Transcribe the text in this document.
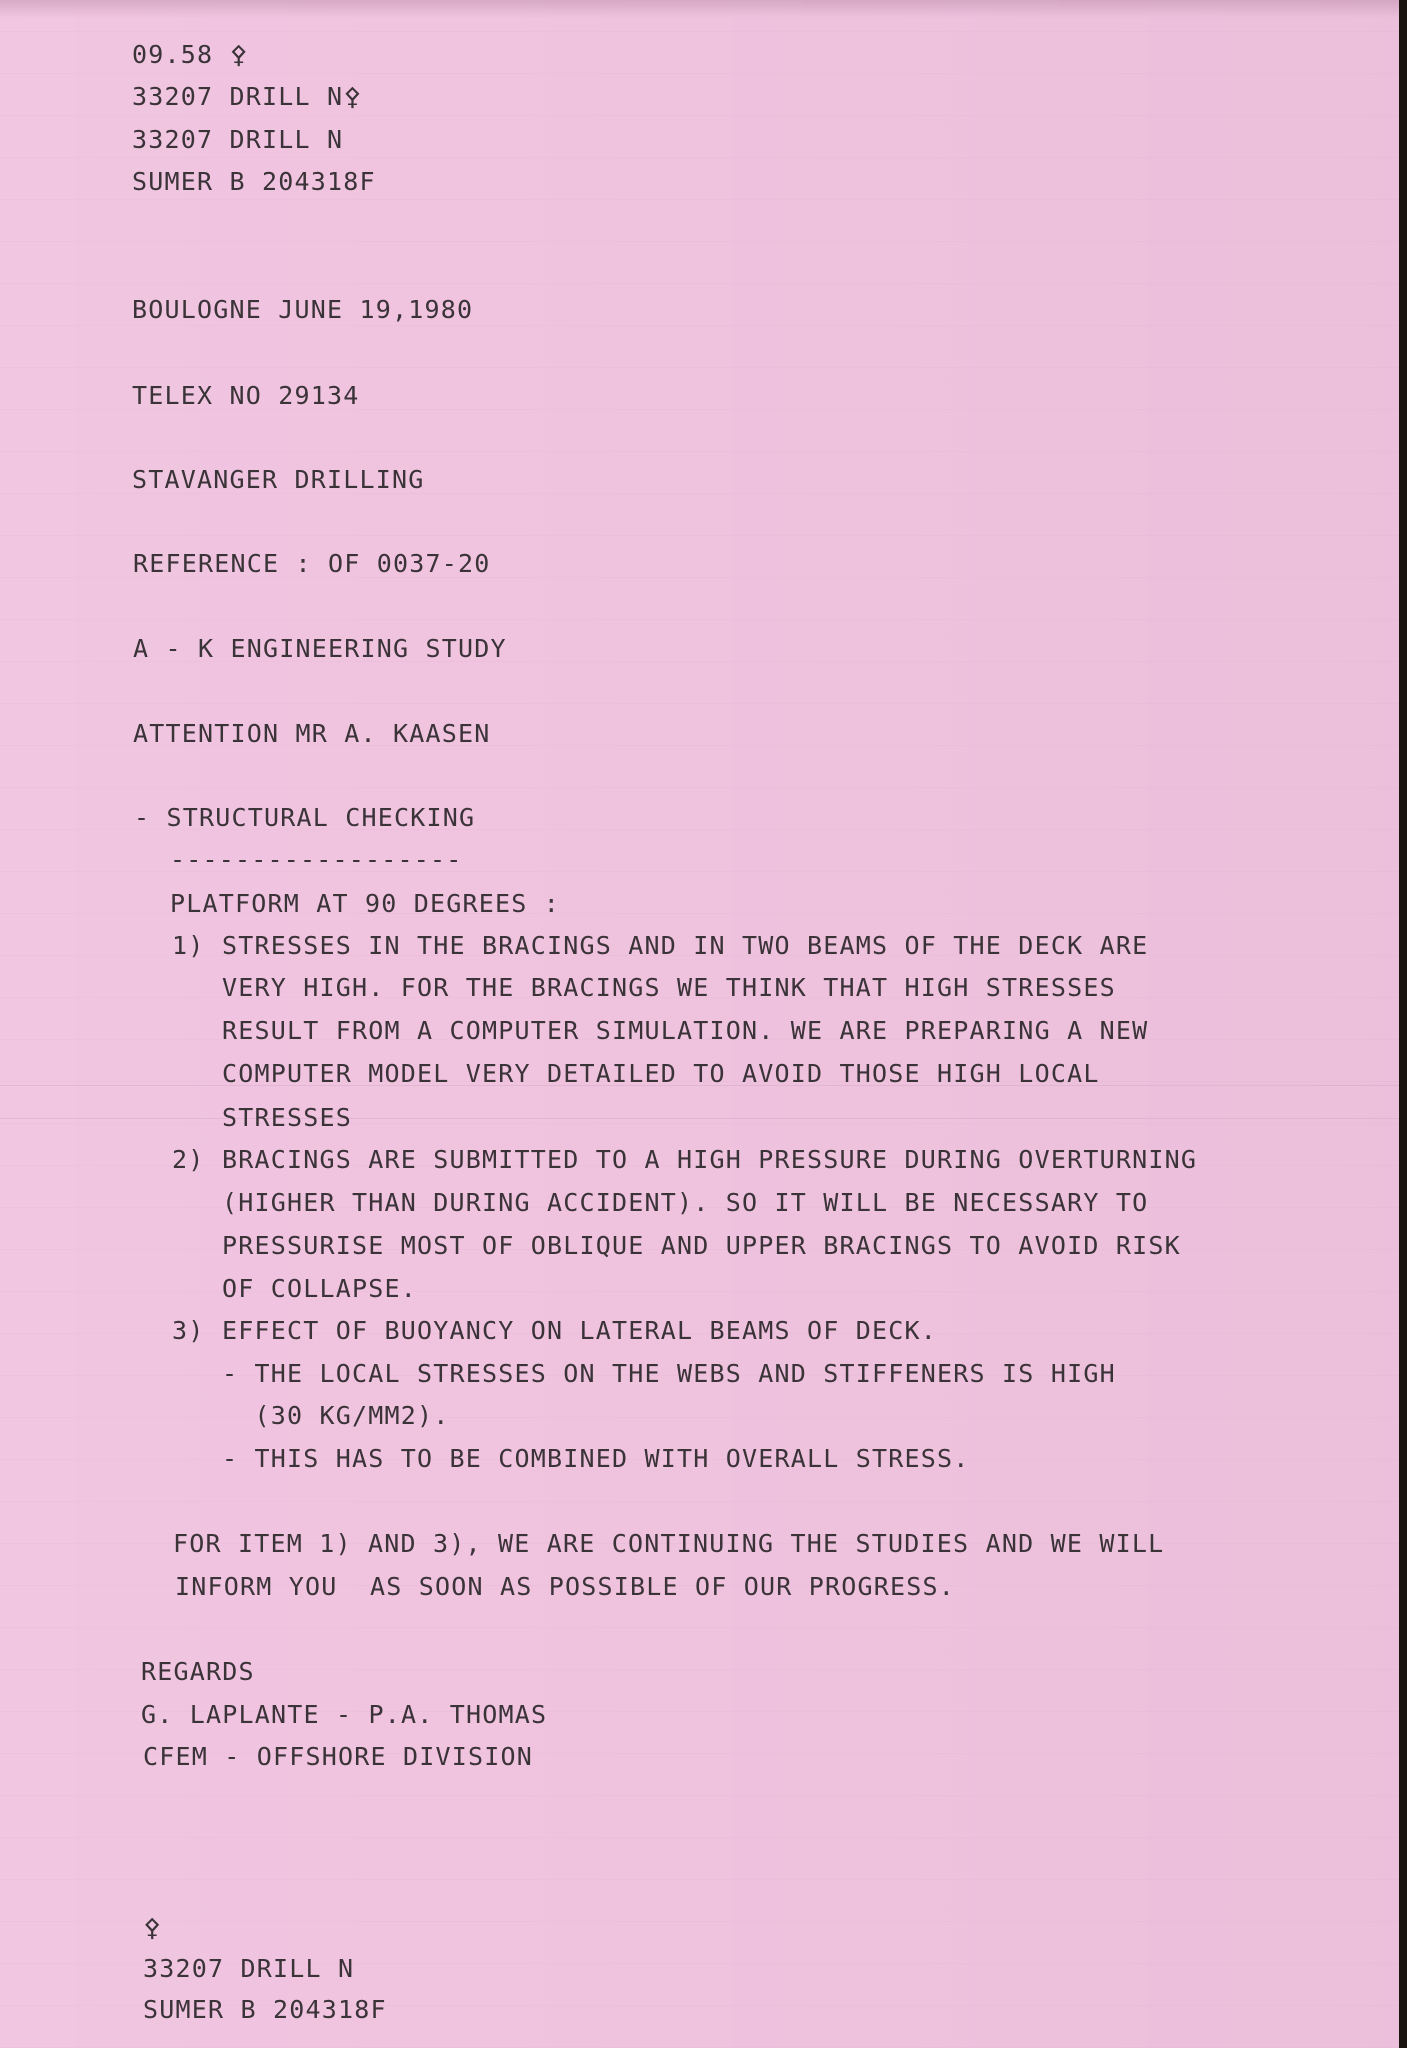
09.58 ⚴
33207 DRILL N⚴
33207 DRILL N
SUMER B 204318F
BOULOGNE JUNE 19,1980
TELEX NO 29134
STAVANGER DRILLING
REFERENCE : OF 0037-20
A - K ENGINEERING STUDY
ATTENTION MR A. KAASEN
- STRUCTURAL CHECKING
------------------
PLATFORM AT 90 DEGREES :
1) STRESSES IN THE BRACINGS AND IN TWO BEAMS OF THE DECK ARE
VERY HIGH. FOR THE BRACINGS WE THINK THAT HIGH STRESSES
RESULT FROM A COMPUTER SIMULATION. WE ARE PREPARING A NEW
COMPUTER MODEL VERY DETAILED TO AVOID THOSE HIGH LOCAL
STRESSES
2) BRACINGS ARE SUBMITTED TO A HIGH PRESSURE DURING OVERTURNING
(HIGHER THAN DURING ACCIDENT). SO IT WILL BE NECESSARY TO
PRESSURISE MOST OF OBLIQUE AND UPPER BRACINGS TO AVOID RISK
OF COLLAPSE.
3) EFFECT OF BUOYANCY ON LATERAL BEAMS OF DECK.
- THE LOCAL STRESSES ON THE WEBS AND STIFFENERS IS HIGH
(30 KG/MM2).
- THIS HAS TO BE COMBINED WITH OVERALL STRESS.
FOR ITEM 1) AND 3), WE ARE CONTINUING THE STUDIES AND WE WILL
INFORM YOU  AS SOON AS POSSIBLE OF OUR PROGRESS.
REGARDS
G. LAPLANTE - P.A. THOMAS
CFEM - OFFSHORE DIVISION
⚴
33207 DRILL N
SUMER B 204318F
